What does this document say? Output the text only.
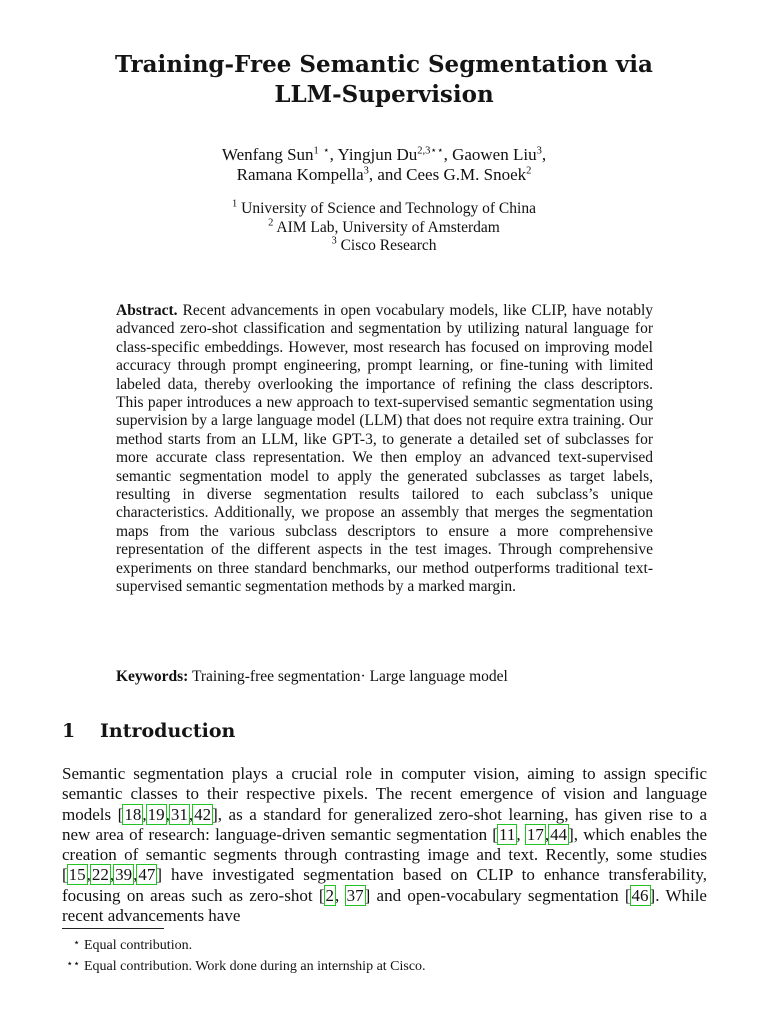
Training-Free Semantic Segmentation via
LLM-Supervision
Wenfang Sun$^1$ ⋆, Yingjun $Du^{2,3⋆⋆}$, Gaowen Liu$^3$,
Ramana Kompella$^3$, and Cees G.M. Snoek$^2$
$^1$ University of Science and Technology of China
$^2$ AIM Lab, University of Amsterdam
$^3$ Cisco Research
Abstract. Recent advancements in open vocabulary models, like CLIP, have notably advanced zero-shot classification and segmentation by utilizing natural language for class-specific embeddings. However, most research has focused on improving model accuracy through prompt engineering, prompt learning, or fine-tuning with limited labeled data, thereby overlooking the importance of refining the class descriptors. This paper introduces a new approach to text-supervised semantic segmentation using supervision by a large language model (LLM) that does not require extra training. Our method starts from an LLM, like GPT-3, to generate a detailed set of subclasses for more accurate class representation. We then employ an advanced text-supervised semantic segmentation model to apply the generated subclasses as target labels, resulting in diverse segmentation results tailored to each subclass’s unique characteristics. Additionally, we propose an assembly that merges the segmentation maps from the various subclass descriptors to ensure a more comprehensive representation of the different aspects in the test images. Through comprehensive experiments on three standard benchmarks, our method outperforms traditional text-supervised semantic segmentation methods by a marked margin.
Keywords: Training-free segmentation· Large language model
1 Introduction
Semantic segmentation plays a crucial role in computer vision, aiming to assign specific semantic classes to their respective pixels. The recent emergence of vision and language models [18,19,31,42], as a standard for generalized zero-shot learning, has given rise to a new area of research: language-driven semantic segmentation [11, 17,44], which enables the creation of semantic segments through contrasting image and text. Recently, some studies [15,22,39,47] have investigated segmentation based on CLIP to enhance transferability, focusing on areas such as zero-shot [2, 37] and open-vocabulary segmentation [46]. While recent advancements have
⋆ Equal contribution.
⋆⋆ Equal contribution. Work done during an internship at Cisco.
